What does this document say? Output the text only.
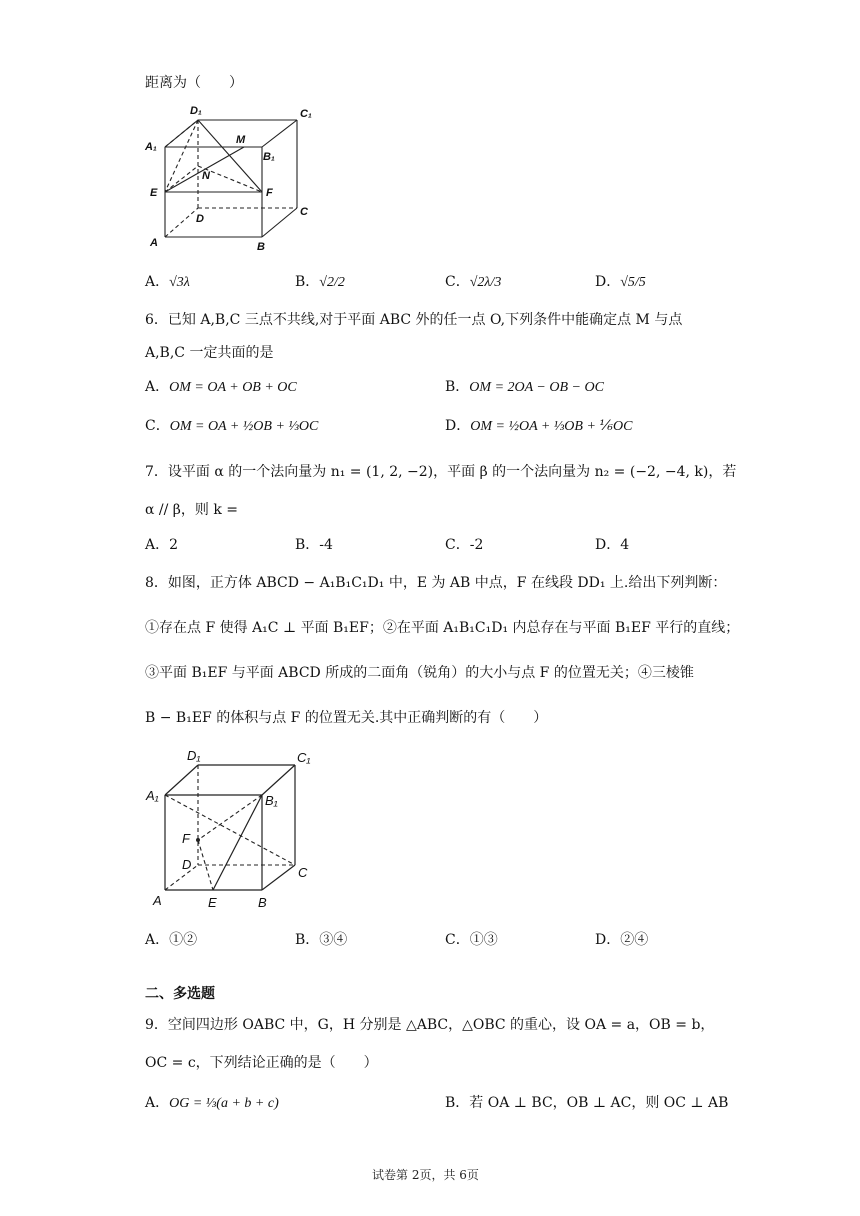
距离为（　　）
D₁	C₁
A₁
M
B₁
N
E	F
D
C
A	B
A．√3λ	B．√2/2	C．√2λ/3	D．√5/5
6．已知 A,B,C 三点不共线,对于平面 ABC 外的任一点 O,下列条件中能确定点 M 与点
A,B,C 一定共面的是
A．OM = OA + OB + OC	B．OM = 2OA − OB − OC
C．OM = OA + ½OB + ⅓OC	D．OM = ½OA + ⅓OB + ⅙OC
7．设平面 α 的一个法向量为 n₁ = (1, 2, −2)，平面 β 的一个法向量为 n₂ = (−2, −4, k)，若
α // β，则 k =
A．2	B．-4	C．-2	D．4
8．如图，正方体 ABCD − A₁B₁C₁D₁ 中，E 为 AB 中点，F 在线段 DD₁ 上.给出下列判断：
①存在点 F 使得 A₁C ⊥ 平面 B₁EF；②在平面 A₁B₁C₁D₁ 内总存在与平面 B₁EF 平行的直线；
③平面 B₁EF 与平面 ABCD 所成的二面角（锐角）的大小与点 F 的位置无关；④三棱锥
B − B₁EF 的体积与点 F 的位置无关.其中正确判断的有（　　）
D₁	C₁
A₁	B₁
F
D
C
A	E	B
A．①②	B．③④	C．①③	D．②④
二、多选题
9．空间四边形 OABC 中，G，H 分别是 △ABC，△OBC 的重心，设 OA = a，OB = b，
OC = c，下列结论正确的是（　　）
A．OG = ⅓(a + b + c)	B．若 OA ⊥ BC，OB ⊥ AC，则 OC ⊥ AB
试卷第 2页，共 6页
